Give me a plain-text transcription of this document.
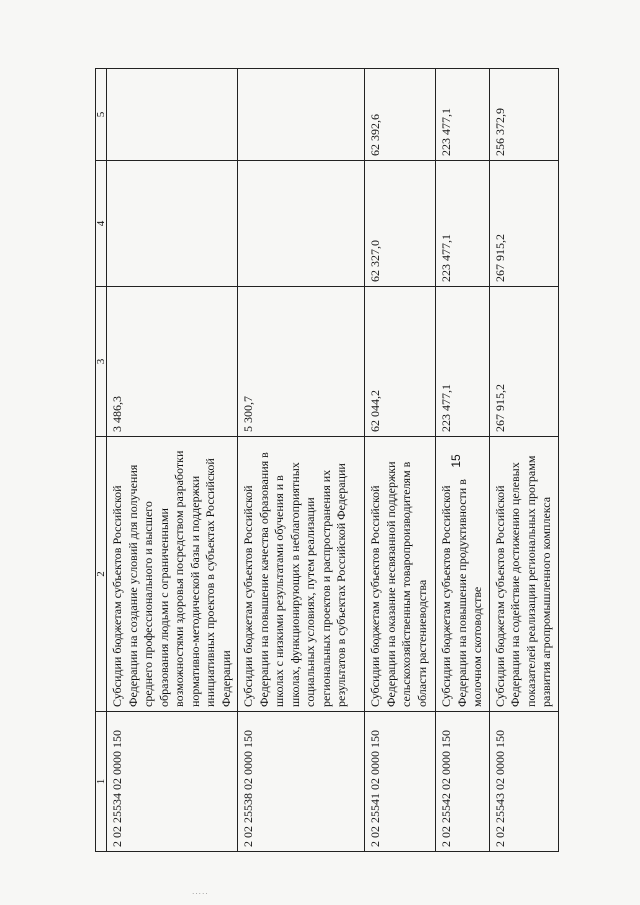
15
·····
1	2	3	4	5
2 02 25534 02 0000 150	Субсидии бюджетам субъектов Российской Федерации на создание условий для получения среднего профессионального и высшего образования людьми с ограниченными возможностями здоровья посредством разработки нормативно-методической базы и поддержки инициативных проектов в субъектах Российской Федерации	3 486,3		
2 02 25538 02 0000 150	Субсидии бюджетам субъектов Российской Федерации на повышение качества образования в школах с низкими результатами обучения и в школах, функционирующих в неблагоприятных социальных условиях, путем реализации региональных проектов и распространения их результатов в субъектах Российской Федерации	5 300,7		
2 02 25541 02 0000 150	Субсидии бюджетам субъектов Российской Федерации на оказание несвязанной поддержки сельскохозяйственным товаропроизводителям в области растениеводства	62 044,2	62 327,0	62 392,6
2 02 25542 02 0000 150	Субсидии бюджетам субъектов Российской Федерации на повышение продуктивности в молочном скотоводстве	223 477,1	223 477,1	223 477,1
2 02 25543 02 0000 150	Субсидии бюджетам субъектов Российской Федерации на содействие достижению целевых показателей реализации региональных программ развития агропромышленного комплекса	267 915,2	267 915,2	256 372,9
